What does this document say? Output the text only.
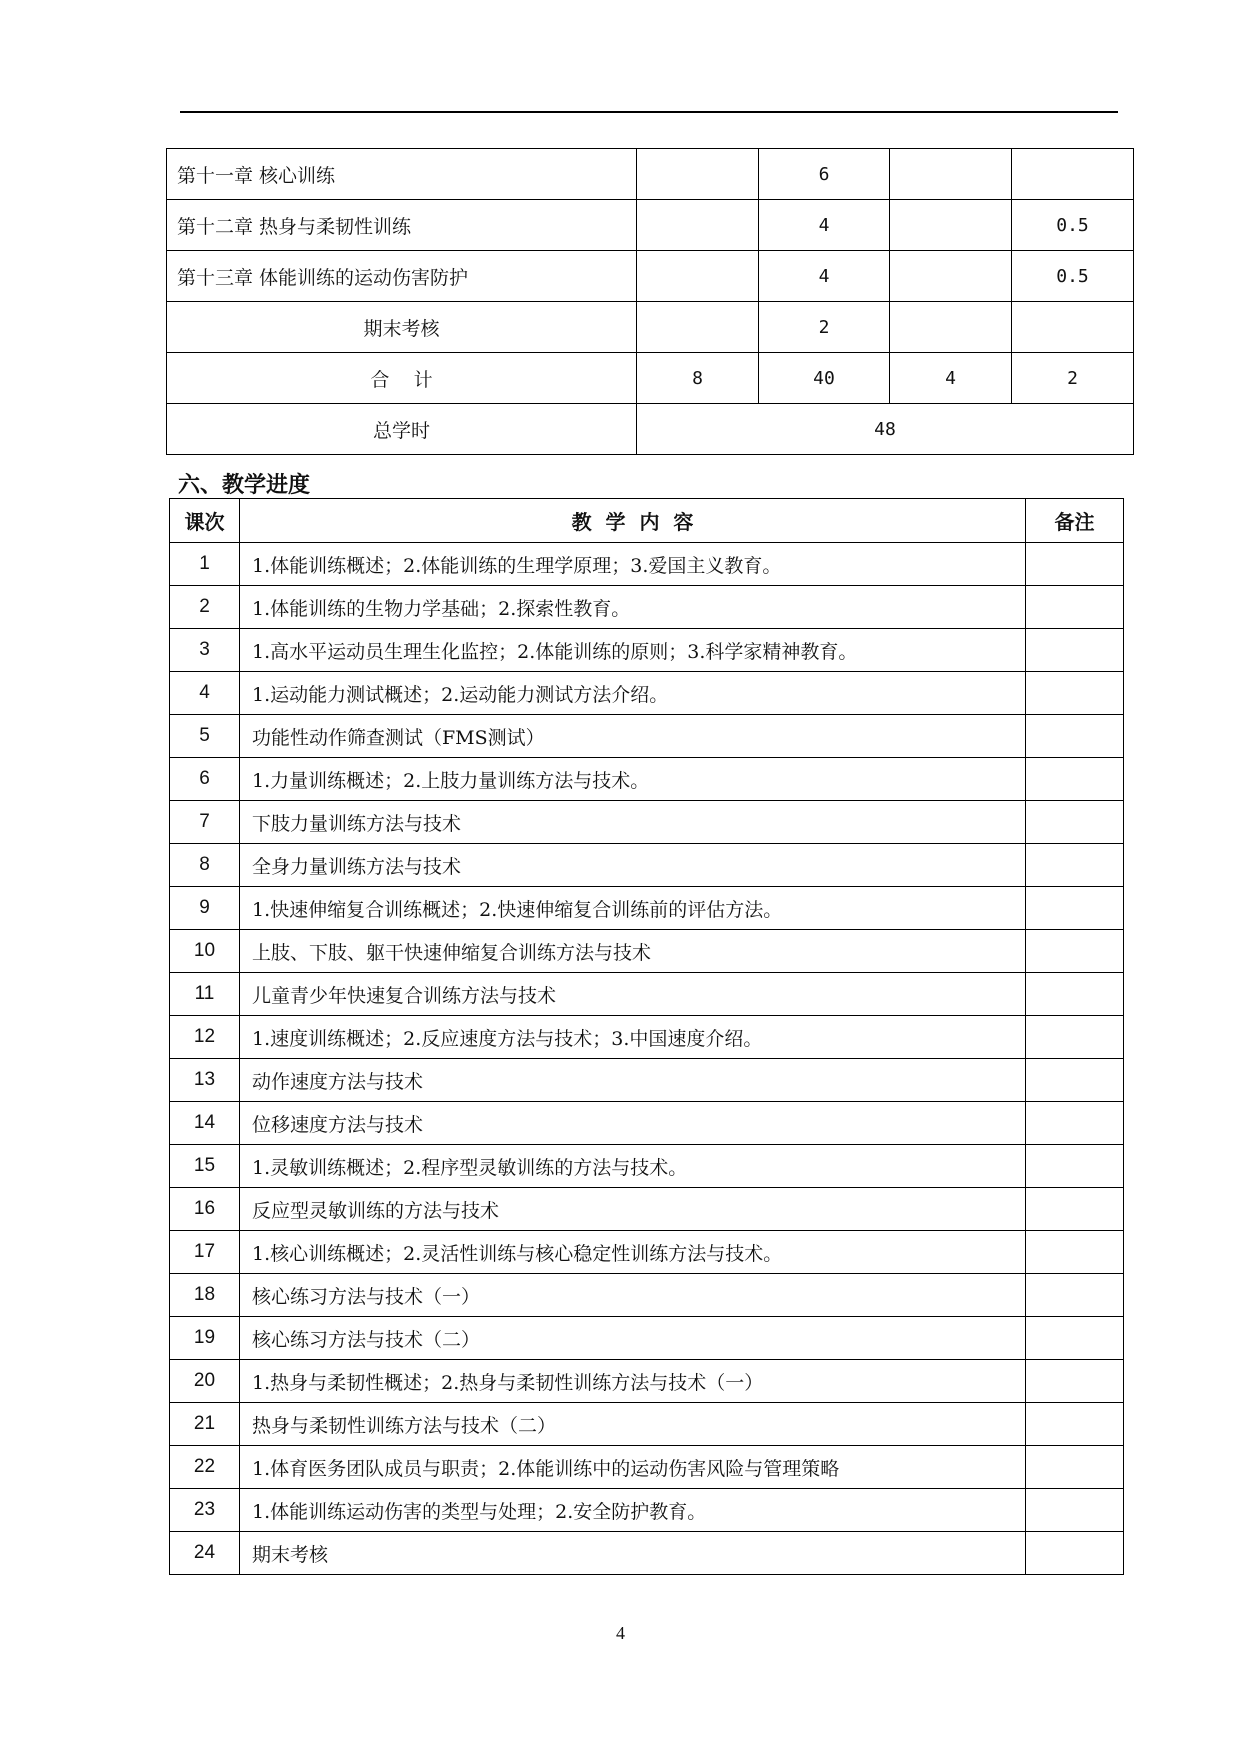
第十一章 核心训练		6		
第十二章 热身与柔韧性训练		4		0.5
第十三章 体能训练的运动伤害防护		4		0.5
期末考核		2		
合    计	8	40	4	2
总学时	48			
六、教学进度
课次	教  学  内  容	备注
1	1.体能训练概述；2.体能训练的生理学原理；3.爱国主义教育。	
2	1.体能训练的生物力学基础；2.探索性教育。	
3	1.高水平运动员生理生化监控；2.体能训练的原则；3.科学家精神教育。	
4	1.运动能力测试概述；2.运动能力测试方法介绍。	
5	功能性动作筛查测试（FMS测试）	
6	1.力量训练概述；2.上肢力量训练方法与技术。	
7	下肢力量训练方法与技术	
8	全身力量训练方法与技术	
9	1.快速伸缩复合训练概述；2.快速伸缩复合训练前的评估方法。	
10	上肢、下肢、躯干快速伸缩复合训练方法与技术	
11	儿童青少年快速复合训练方法与技术	
12	1.速度训练概述；2.反应速度方法与技术；3.中国速度介绍。	
13	动作速度方法与技术	
14	位移速度方法与技术	
15	1.灵敏训练概述；2.程序型灵敏训练的方法与技术。	
16	反应型灵敏训练的方法与技术	
17	1.核心训练概述；2.灵活性训练与核心稳定性训练方法与技术。	
18	核心练习方法与技术（一）	
19	核心练习方法与技术（二）	
20	1.热身与柔韧性概述；2.热身与柔韧性训练方法与技术（一）	
21	热身与柔韧性训练方法与技术（二）	
22	1.体育医务团队成员与职责；2.体能训练中的运动伤害风险与管理策略	
23	1.体能训练运动伤害的类型与处理；2.安全防护教育。	
24	期末考核	
4
